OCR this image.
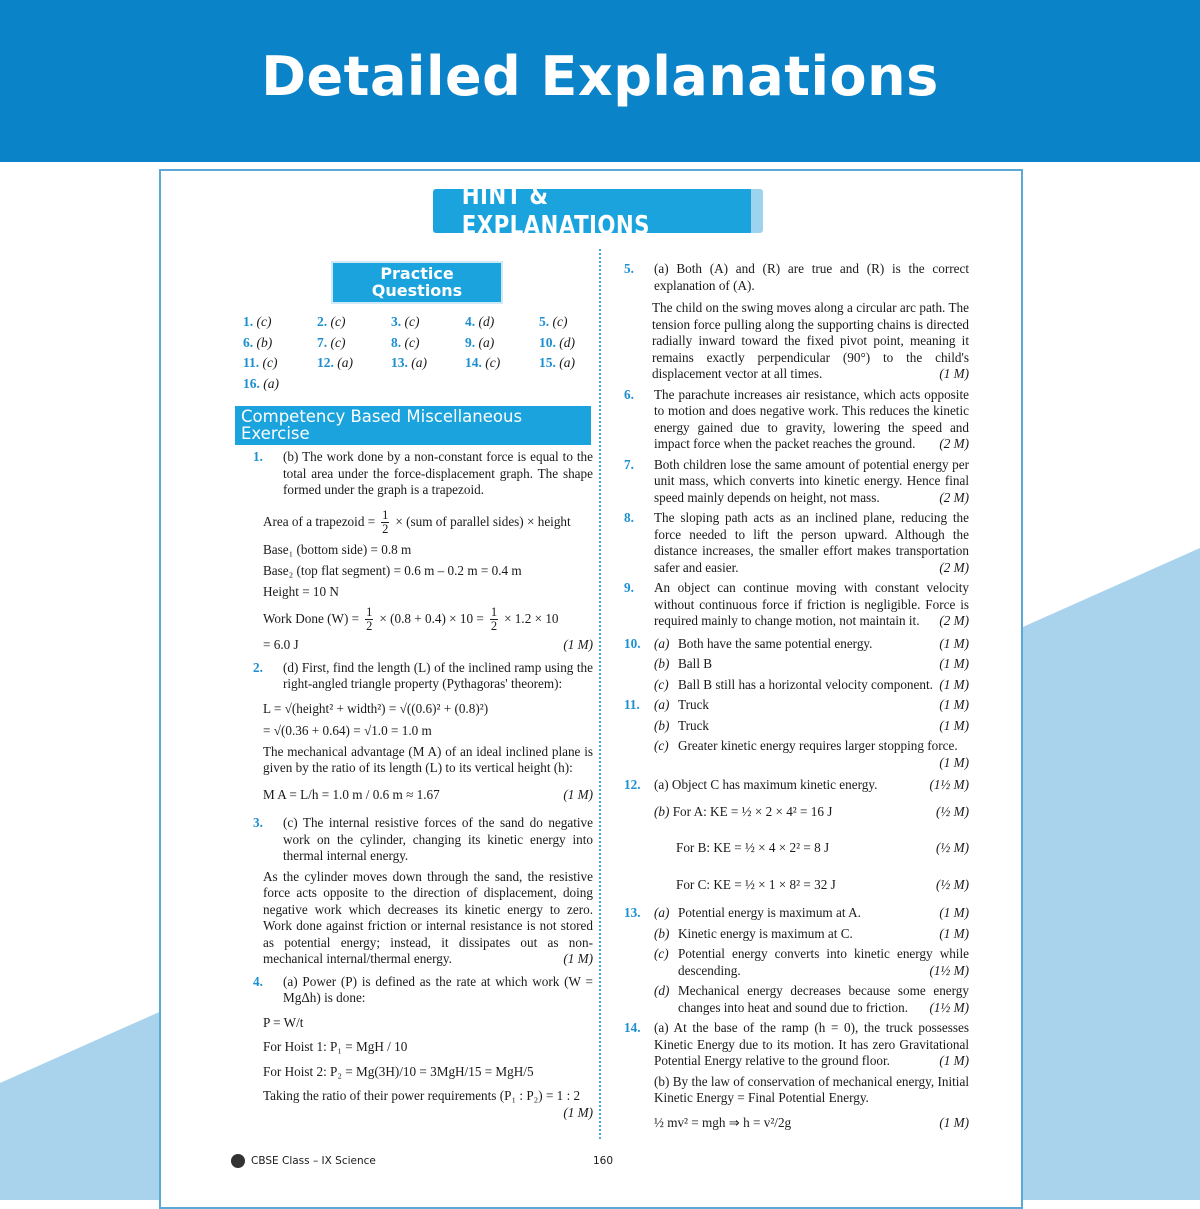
Detailed Explanations
HINT & EXPLANATIONS
Practice Questions
1. (c)	2. (c)	3. (c)	4. (d)	5. (c)
6. (b)	7. (c)	8. (c)	9. (a)	10. (d)
11. (c)	12. (a)	13. (a)	14. (c)	15. (a)
16. (a)
Competency Based Miscellaneous Exercise
1. (b) The work done by a non-constant force is equal to the total area under the force-displacement graph. The shape formed under the graph is a trapezoid.
Area of a trapezoid = $\frac{1}{2} \times (sum$ of parallel sides) × height
Base₁ (bottom side) = 0.8 m
Base₂ (top flat segment) = 0.6 m – 0.2 m = 0.4 m
Height = 10 N
Work Done $(W) = \frac{1}{2} \times (0.8 + 0.4) \times 10 = \frac{1}{2} \times 1.2 \times 10$
= 6.0 J	(1 M)
2. (d) First, find the length (L) of the inclined ramp using the right-angled triangle property (Pythagoras' theorem):
L = √(height² + width²) = √((0.6)² + (0.8)²)
= √(0.36 + 0.64) = √1.0 = 1.0 m
The mechanical advantage (M A) of an ideal inclined plane is given by the ratio of its length (L) to its vertical height (h):
M A = L/h = 1.0 m / 0.6 m ≈ 1.67	(1 M)
3. (c) The internal resistive forces of the sand do negative work on the cylinder, changing its kinetic energy into thermal internal energy.
As the cylinder moves down through the sand, the resistive force acts opposite to the direction of displacement, doing negative work which decreases its kinetic energy to zero. Work done against friction or internal resistance is not stored as potential energy; instead, it dissipates out as non-mechanical internal/thermal energy.	(1 M)
4. (a) Power (P) is defined as the rate at which work (W = MgΔh) is done:
P = W/t
For Hoist 1: P₁ = MgH / 10
For Hoist 2: P₂ = Mg(3H)/10 = 3MgH/15 = MgH/5
Taking the ratio of their power requirements (P₁ : P₂) = 1 : 2
(1 M)
5. (a) Both (A) and (R) are true and (R) is the correct explanation of (A).
The child on the swing moves along a circular arc path. The tension force pulling along the supporting chains is directed radially inward toward the fixed pivot point, meaning it remains exactly perpendicular (90°) to the child's displacement vector at all times.	(1 M)
6. The parachute increases air resistance, which acts opposite to motion and does negative work. This reduces the kinetic energy gained due to gravity, lowering the speed and impact force when the packet reaches the ground. (2 M)
7. Both children lose the same amount of potential energy per unit mass, which converts into kinetic energy. Hence final speed mainly depends on height, not mass.	(2 M)
8. The sloping path acts as an inclined plane, reducing the force needed to lift the person upward. Although the distance increases, the smaller effort makes transportation safer and easier.	(2 M)
9. An object can continue moving with constant velocity without continuous force if friction is negligible. Force is required mainly to change motion, not maintain it. (2 M)
10. (a) Both have the same potential energy.	(1 M)
(b) Ball B	(1 M)
(c) Ball B still has a horizontal velocity component. (1 M)
11. (a) Truck	(1 M)
(b) Truck	(1 M)
(c) Greater kinetic energy requires larger stopping force.
(1 M)
12. (a) Object C has maximum kinetic energy.	(1½ M)
(b) For A: KE = ½ × 2 × 4² = 16 J	(½ M)
For B: KE = ½ × 4 × 2² = 8 J	(½ M)
For C: KE = ½ × 1 × 8² = 32 J	(½ M)
13. (a) Potential energy is maximum at A.	(1 M)
(b) Kinetic energy is maximum at C.	(1 M)
(c) Potential energy converts into kinetic energy while descending.	(1½ M)
(d) Mechanical energy decreases because some energy changes into heat and sound due to friction. (1½ M)
14. (a) At the base of the ramp (h = 0), the truck possesses Kinetic Energy due to its motion. It has zero Gravitational Potential Energy relative to the ground floor.	(1 M)
(b) By the law of conservation of mechanical energy, Initial Kinetic Energy = Final Potential Energy.
½ mv² = mgh ⇒ h = v²/2g	(1 M)
CBSE Class – IX Science	160
